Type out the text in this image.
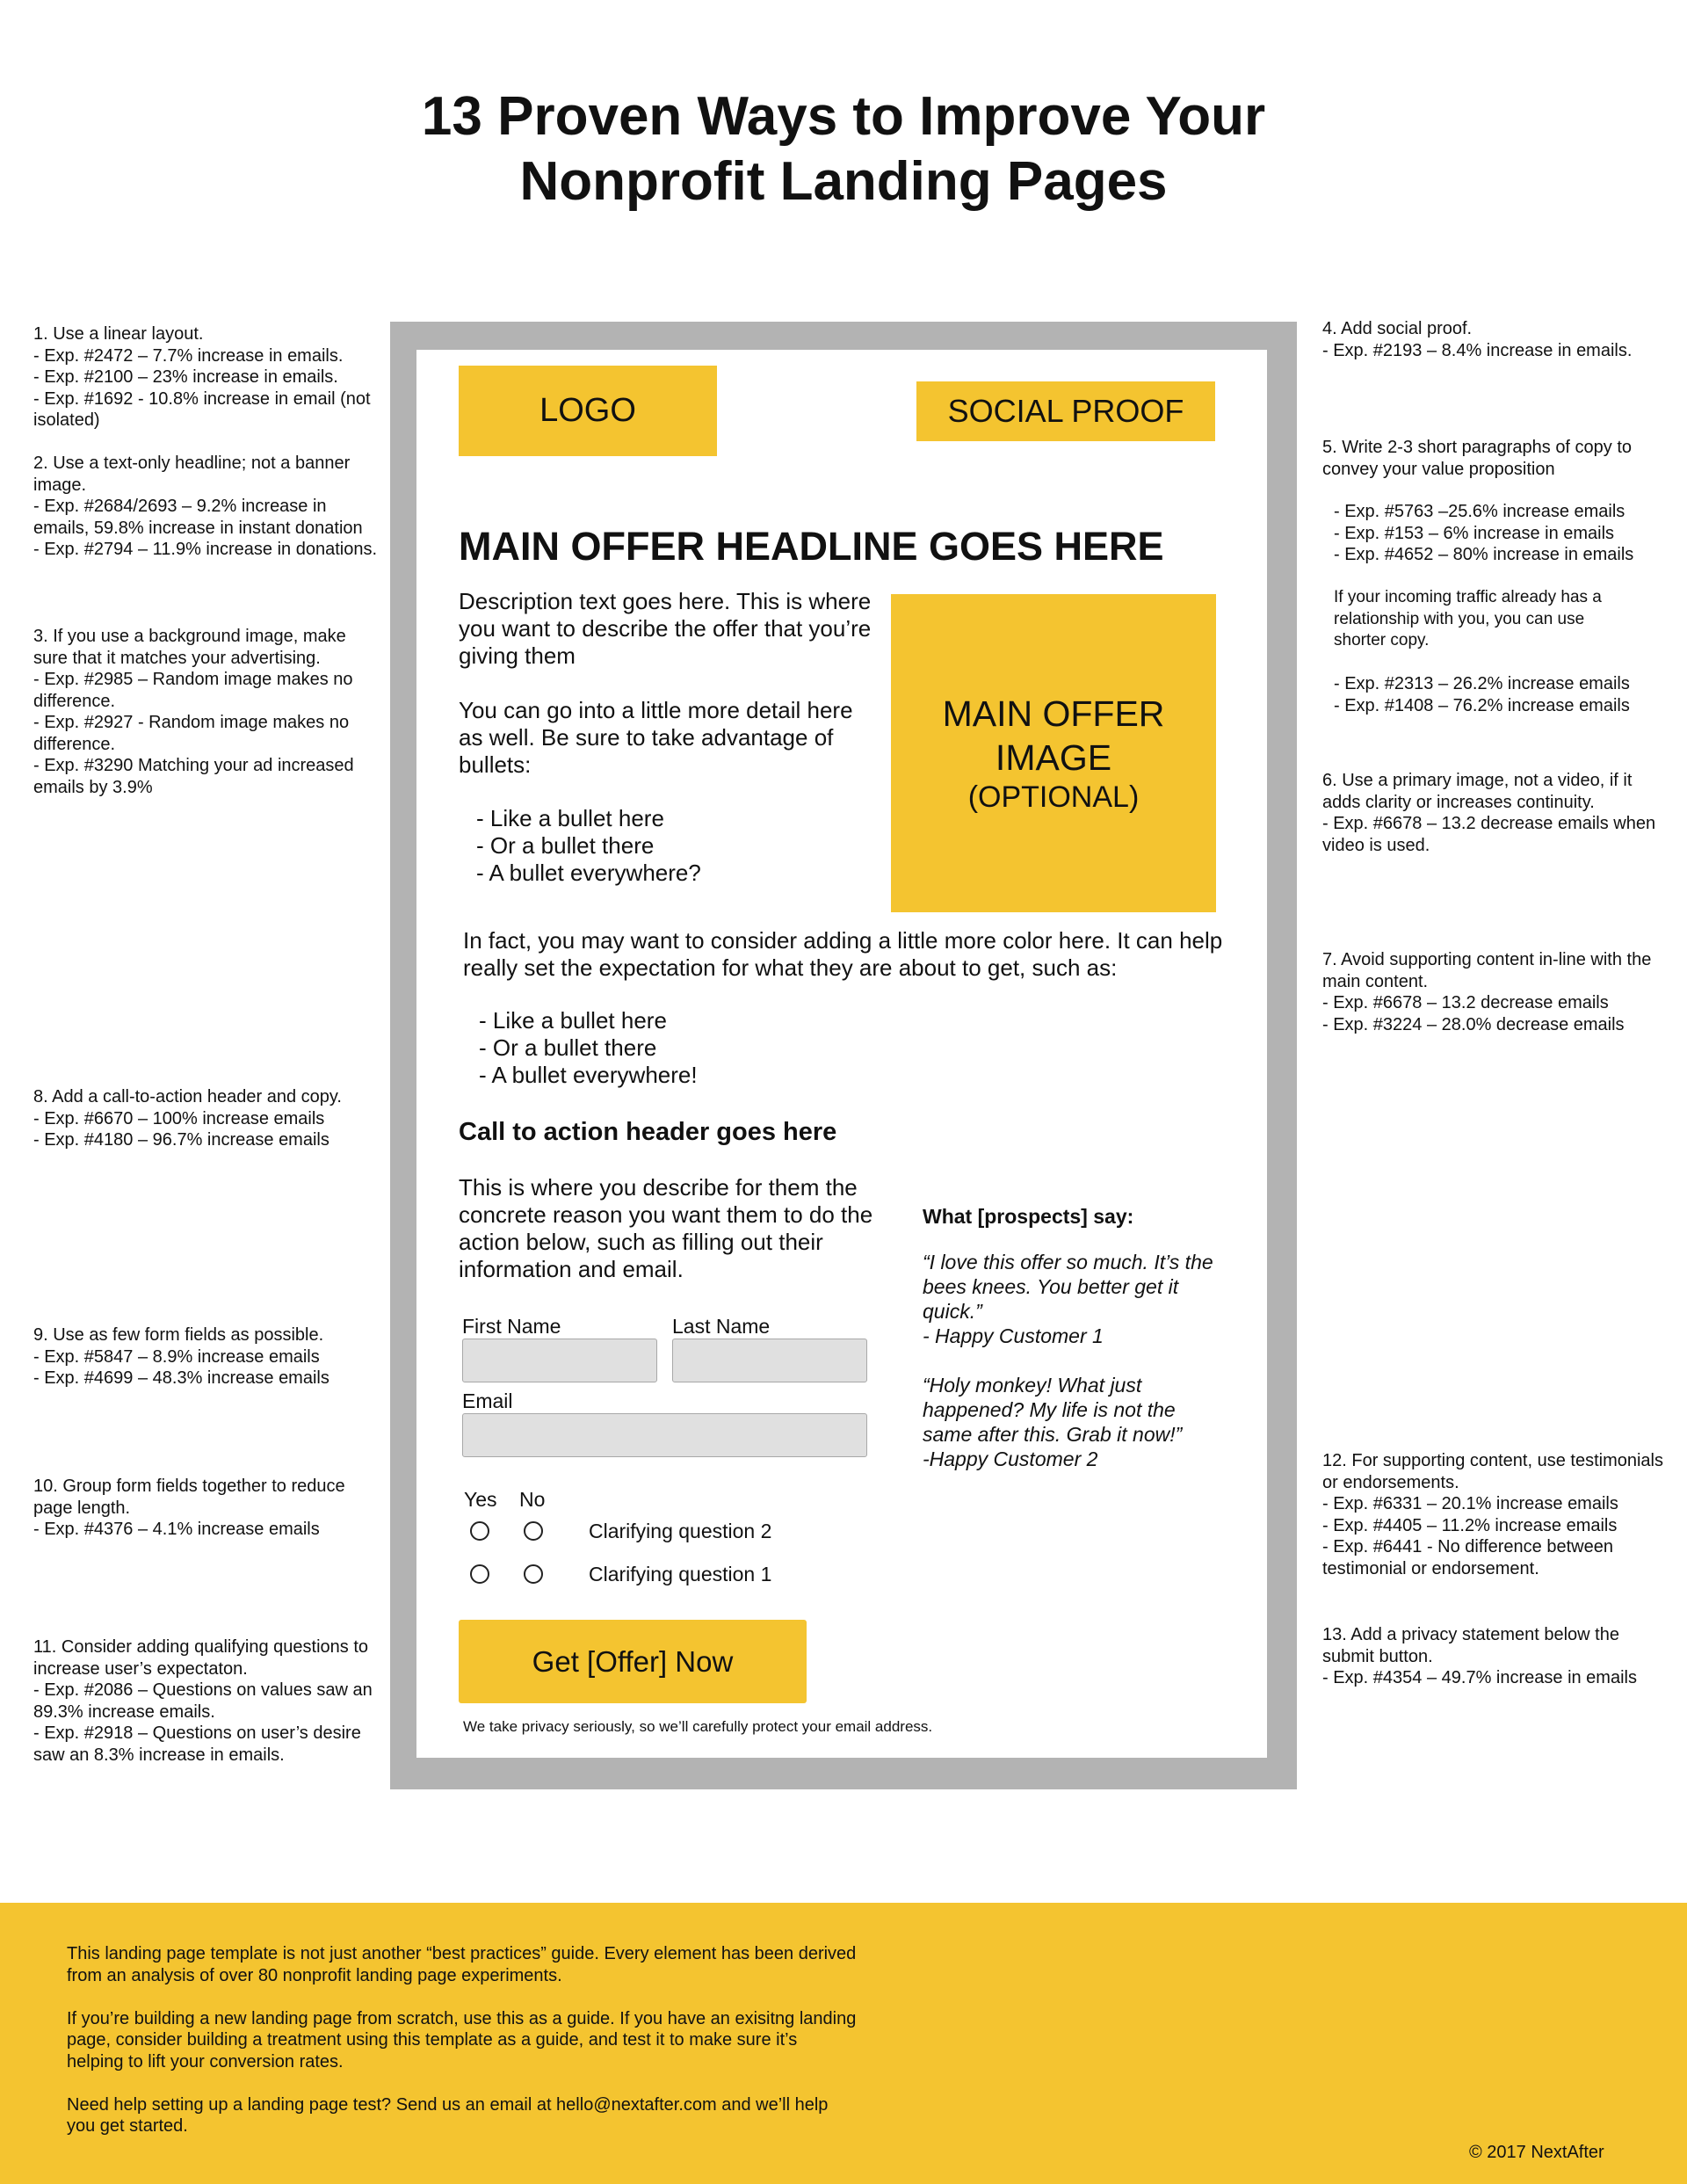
13 Proven Ways to Improve Your
Nonprofit Landing Pages

1. Use a linear layout.

- Exp. #2472 – 7.7% increase in emails.

- Exp. #2100 – 23% increase in emails.

- Exp. #1692 - 10.8% increase in email (not isolated)

2. Use a text-only headline; not a banner image.

- Exp. #2684/2693 – 9.2% increase in emails, 59.8% increase in instant donation

- Exp. #2794 – 11.9% increase in donations.

3. If you use a background image, make sure that it matches your advertising.

- Exp. #2985 – Random image makes no difference.

- Exp. #2927 - Random image makes no difference.

- Exp. #3290 Matching your ad increased emails by 3.9%

8. Add a call-to-action header and copy.

- Exp. #6670 – 100% increase emails

- Exp. #4180 – 96.7% increase emails

9. Use as few form fields as possible.

- Exp. #5847 – 8.9% increase emails

- Exp. #4699 – 48.3% increase emails

10. Group form fields together to reduce page length.

- Exp. #4376 – 4.1% increase emails

11. Consider adding qualifying questions to increase user’s expectaton.

- Exp. #2086 – Questions on values saw an 89.3% increase emails.

- Exp. #2918 – Questions on user’s desire saw an 8.3% increase in emails.

4. Add social proof.

- Exp. #2193 – 8.4% increase in emails.

5. Write 2-3 short paragraphs of copy to convey your value proposition

- Exp. #5763 –25.6% increase emails

- Exp. #153 – 6% increase in emails

- Exp. #4652 – 80% increase in emails

If your incoming traffic already has a relationship with you, you can use shorter copy.

- Exp. #2313 – 26.2% increase emails

- Exp. #1408 – 76.2% increase emails

6. Use a primary image, not a video, if it adds clarity or increases continuity.

- Exp. #6678 – 13.2 decrease emails when video is used.

7. Avoid supporting content in-line with the main content.

- Exp. #6678 – 13.2 decrease emails

- Exp. #3224 – 28.0% decrease emails

12. For supporting content, use testimonials or endorsements.

- Exp. #6331 – 20.1% increase emails

- Exp. #4405 – 11.2% increase emails

- Exp. #6441 - No difference between testimonial or endorsement.

13. Add a privacy statement below the submit button.

- Exp. #4354 – 49.7% increase in emails

LOGO	SOCIAL PROOF
MAIN OFFER HEADLINE GOES HERE

Description text goes here. This is where you want to describe the offer that you’re giving them

You can go into a little more detail here as well. Be sure to take advantage of bullets:

- Like a bullet here

- Or a bullet there

- A bullet everywhere?

MAIN OFFER
IMAGE
(OPTIONAL)

In fact, you may want to consider adding a little more color here. It can help really set the expectation for what they are about to get, such as:

- Like a bullet here

- Or a bullet there

- A bullet everywhere!

Call to action header goes here

This is where you describe for them the concrete reason you want them to do the action below, such as filling out their information and email.

What [prospects] say:

“I love this offer so much. It’s the bees knees. You better get it quick.”

- Happy Customer 1

“Holy monkey! What just happened? My life is not the same after this. Grab it now!”

-Happy Customer 2

First Name	Last Name
Email
Yes No
Clarifying question 2
Clarifying question 1
Get [Offer] Now
We take privacy seriously, so we’ll carefully protect your email address.

This landing page template is not just another “best practices” guide. Every element has been derived from an analysis of over 80 nonprofit landing page experiments.

If you’re building a new landing page from scratch, use this as a guide. If you have an exisitng landing page, consider building a treatment using this template as a guide, and test it to make sure it’s helping to lift your conversion rates.

Need help setting up a landing page test? Send us an email at hello@nextafter.com and we’ll help you get started.

© 2017 NextAfter
